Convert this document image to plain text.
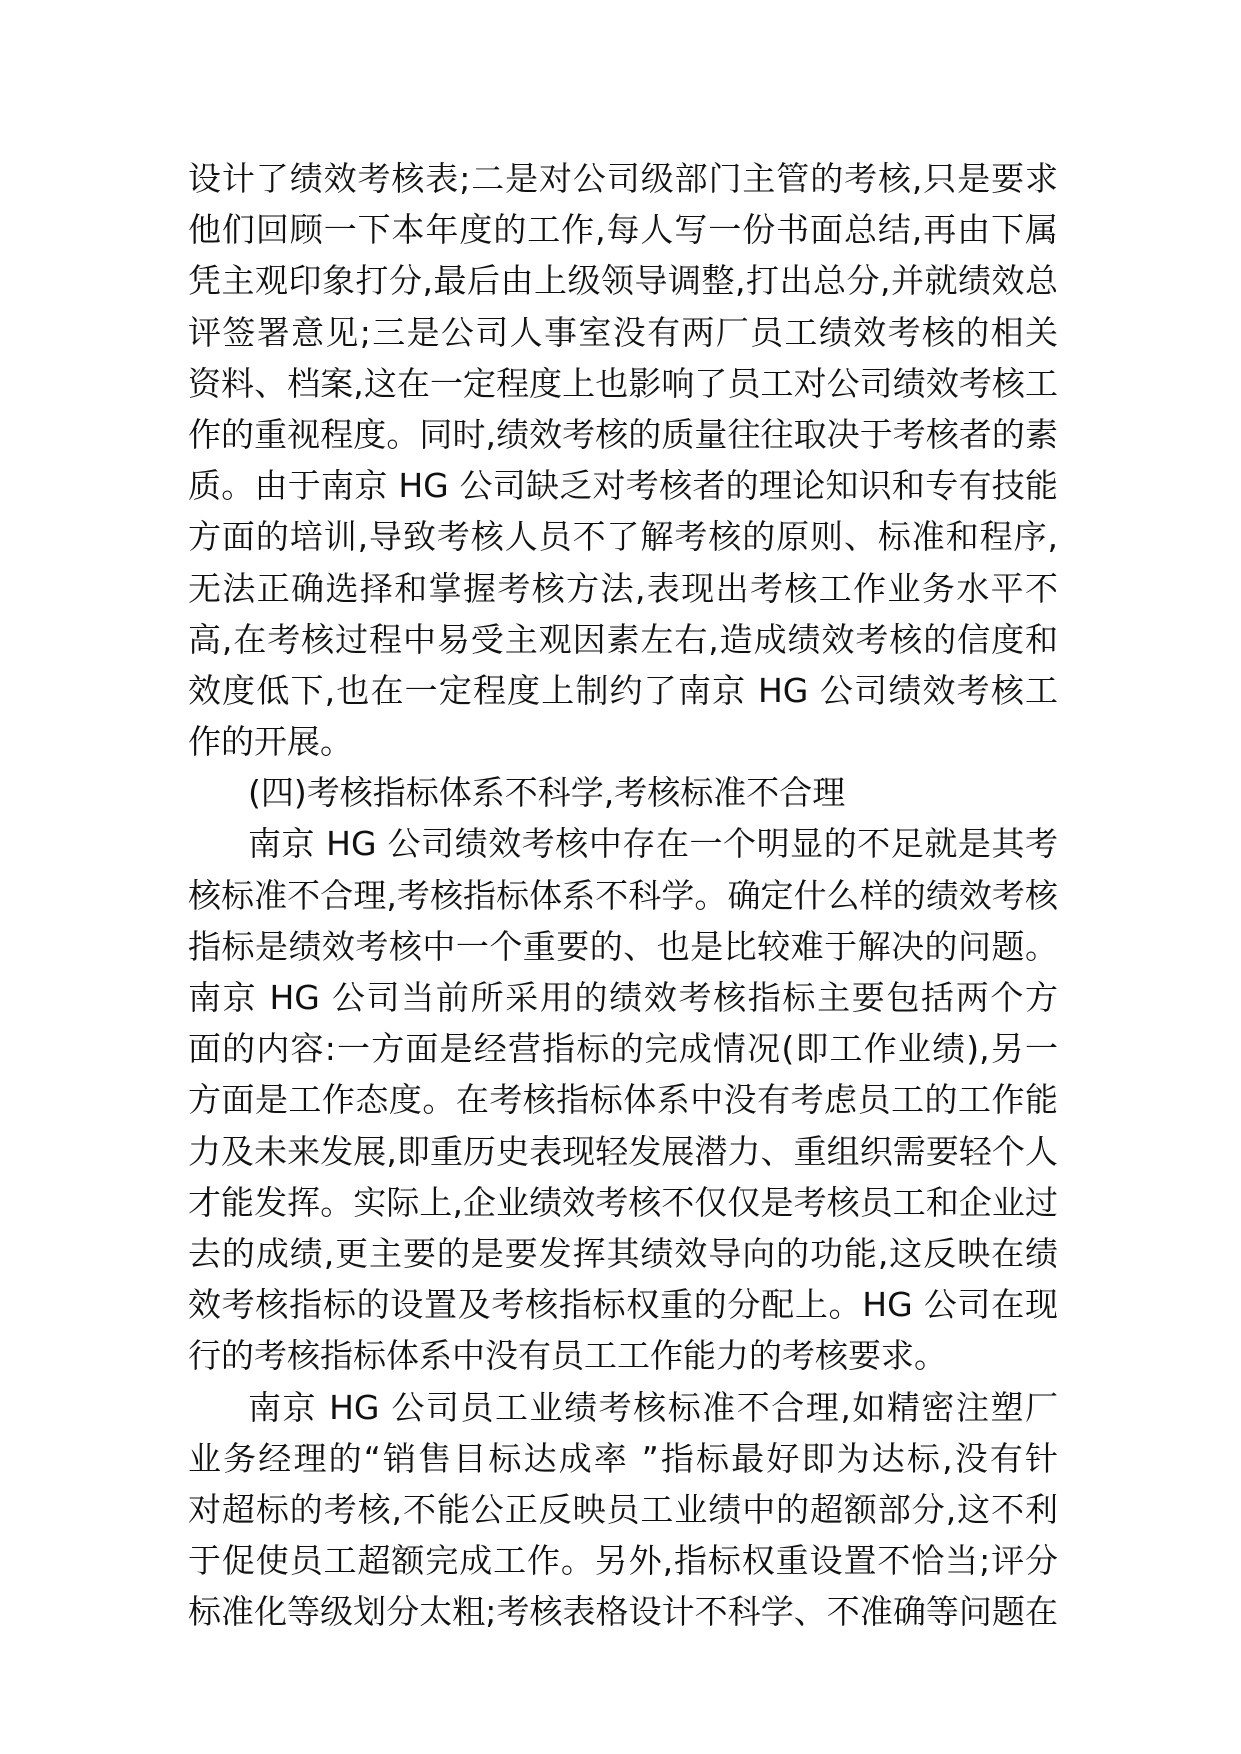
设计了绩效考核表;二是对公司级部门主管的考核,只是要求
他们回顾一下本年度的工作,每人写一份书面总结,再由下属
凭主观印象打分,最后由上级领导调整,打出总分,并就绩效总
评签署意见;三是公司人事室没有两厂员工绩效考核的相关
资料、档案,这在一定程度上也影响了员工对公司绩效考核工
作的重视程度。同时,绩效考核的质量往往取决于考核者的素
质。由于南京 HG 公司缺乏对考核者的理论知识和专有技能
方面的培训,导致考核人员不了解考核的原则、标准和程序,
无法正确选择和掌握考核方法,表现出考核工作业务水平不
高,在考核过程中易受主观因素左右,造成绩效考核的信度和
效度低下,也在一定程度上制约了南京 HG 公司绩效考核工
作的开展。
(四)考核指标体系不科学,考核标准不合理
南京 HG 公司绩效考核中存在一个明显的不足就是其考
核标准不合理,考核指标体系不科学。确定什么样的绩效考核
指标是绩效考核中一个重要的、也是比较难于解决的问题。
南京 HG 公司当前所采用的绩效考核指标主要包括两个方
面的内容:一方面是经营指标的完成情况(即工作业绩),另一
方面是工作态度。在考核指标体系中没有考虑员工的工作能
力及未来发展,即重历史表现轻发展潜力、重组织需要轻个人
才能发挥。实际上,企业绩效考核不仅仅是考核员工和企业过
去的成绩,更主要的是要发挥其绩效导向的功能,这反映在绩
效考核指标的设置及考核指标权重的分配上。HG 公司在现
行的考核指标体系中没有员工工作能力的考核要求。
南京 HG 公司员工业绩考核标准不合理,如精密注塑厂
业务经理的“销售目标达成率 ”指标最好即为达标,没有针
对超标的考核,不能公正反映员工业绩中的超额部分,这不利
于促使员工超额完成工作。另外,指标权重设置不恰当;评分
标准化等级划分太粗;考核表格设计不科学、不准确等问题在
